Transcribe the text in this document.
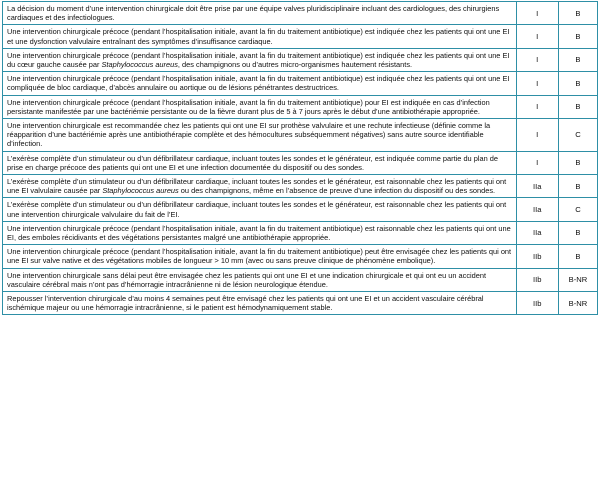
La décision du moment d’une intervention chirurgicale doit être prise par une équipe valves pluridisciplinaire incluant des cardiologues, des chirurgiens cardiaques et des infectiologues.	I	B
Une intervention chirurgicale précoce (pendant l’hospitalisation initiale, avant la fin du traitement antibiotique) est indiquée chez les patients qui ont une EI et une dysfonction valvulaire entraînant des symptômes d’insuffisance cardiaque.	I	B
Une intervention chirurgicale précoce (pendant l’hospitalisation initiale, avant la fin du traitement antibiotique) est indiquée chez les patients qui ont une EI du cœur gauche causée par Staphylococcus aureus, des champignons ou d’autres micro-organismes hautement résistants.	I	B
Une intervention chirurgicale précoce (pendant l’hospitalisation initiale, avant la fin du traitement antibiotique) est indiquée chez les patients qui ont une EI compliquée de bloc cardiaque, d’abcès annulaire ou aortique ou de lésions pénétrantes destructrices.	I	B
Une intervention chirurgicale précoce (pendant l’hospitalisation initiale, avant la fin du traitement antibiotique) pour EI est indiquée en cas d’infection persistante manifestée par une bactériémie persistante ou de la fièvre durant plus de 5 à 7 jours après le début d’une antibiothérapie appropriée.	I	B
Une intervention chirurgicale est recommandée chez les patients qui ont une EI sur prothèse valvulaire et une rechute infectieuse (définie comme la réapparition d’une bactériémie après une antibiothérapie complète et des hémocultures subséquemment négatives) sans autre source identifiable d’infection.	I	C
L’exérèse complète d’un stimulateur ou d’un défibrillateur cardiaque, incluant toutes les sondes et le générateur, est indiquée comme partie du plan de prise en charge précoce des patients qui ont une EI et une infection documentée du dispositif ou des sondes.	I	B
L’exérèse complète d’un stimulateur ou d’un défibrillateur cardiaque, incluant toutes les sondes et le générateur, est raisonnable chez les patients qui ont une EI valvulaire causée par Staphylococcus aureus ou des champignons, même en l’absence de preuve d’une infection du dispositif ou des sondes.	IIa	B
L’exérèse complète d’un stimulateur ou d’un défibrillateur cardiaque, incluant toutes les sondes et le générateur, est raisonnable chez les patients qui ont une intervention chirurgicale valvulaire du fait de l’EI.	IIa	C
Une intervention chirurgicale précoce (pendant l’hospitalisation initiale, avant la fin du traitement antibiotique) est raisonnable chez les patients qui ont une EI, des emboles récidivants et des végétations persistantes malgré une antibiothérapie appropriée.	IIa	B
Une intervention chirurgicale précoce (pendant l’hospitalisation initiale, avant la fin du traitement antibiotique) peut être envisagée chez les patients qui ont une EI sur valve native et des végétations mobiles de longueur > 10 mm (avec ou sans preuve clinique de phénomène embolique).	IIb	B
Une intervention chirurgicale sans délai peut être envisagée chez les patients qui ont une EI et une indication chirurgicale et qui ont eu un accident vasculaire cérébral mais n’ont pas d’hémorragie intracrânienne ni de lésion neurologique étendue.	IIb	B-NR
Repousser l’intervention chirurgicale d’au moins 4 semaines peut être envisagé chez les patients qui ont une EI et un accident vasculaire cérébral ischémique majeur ou une hémorragie intracrânienne, si le patient est hémodynamiquement stable.	IIb	B-NR
